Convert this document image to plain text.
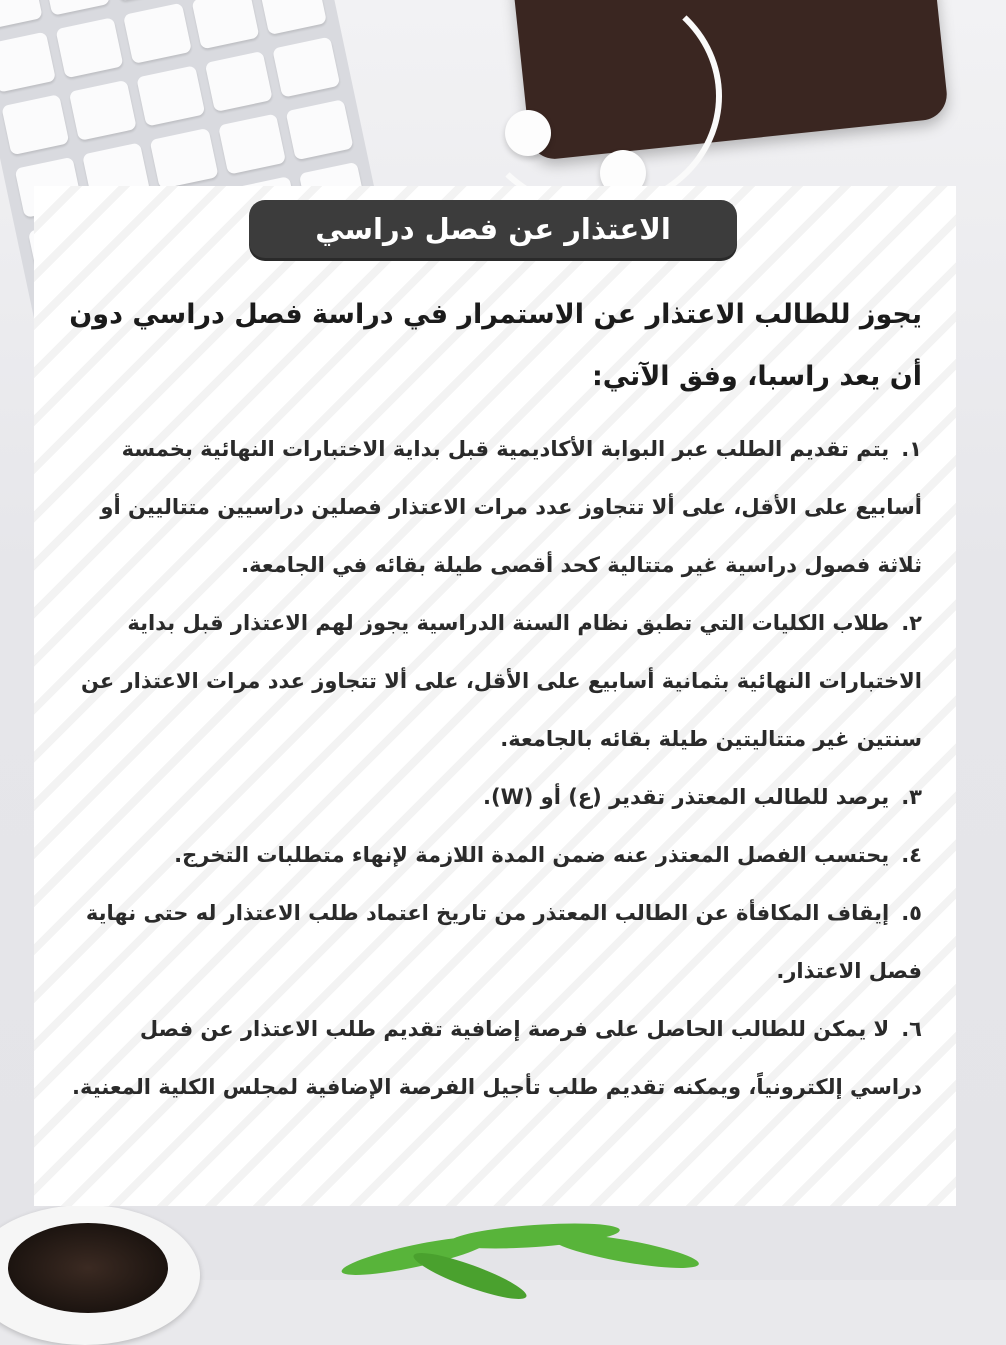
الاعتذار عن فصل دراسي

يجوز للطالب الاعتذار عن الاستمرار في دراسة فصل دراسي دون أن يعد راسبا، وفق الآتي:

١.يتم تقديم الطلب عبر البوابة الأكاديمية قبل بداية الاختبارات النهائية بخمسة أسابيع على الأقل، على ألا تتجاوز عدد مرات الاعتذار فصلين دراسيين متتاليين أو ثلاثة فصول دراسية غير متتالية كحد أقصى طيلة بقائه في الجامعة.
٢.طلاب الكليات التي تطبق نظام السنة الدراسية يجوز لهم الاعتذار قبل بداية الاختبارات النهائية بثمانية أسابيع على الأقل، على ألا تتجاوز عدد مرات الاعتذار عن سنتين غير متتاليتين طيلة بقائه بالجامعة.
٣.يرصد للطالب المعتذر تقدير (ع) أو (W).
٤.يحتسب الفصل المعتذر عنه ضمن المدة اللازمة لإنهاء متطلبات التخرج.
٥.إيقاف المكافأة عن الطالب المعتذر من تاريخ اعتماد طلب الاعتذار له حتى نهاية فصل الاعتذار.
٦.لا يمكن للطالب الحاصل على فرصة إضافية تقديم طلب الاعتذار عن فصل دراسي إلكترونياً، ويمكنه تقديم طلب تأجيل الفرصة الإضافية لمجلس الكلية المعنية.
